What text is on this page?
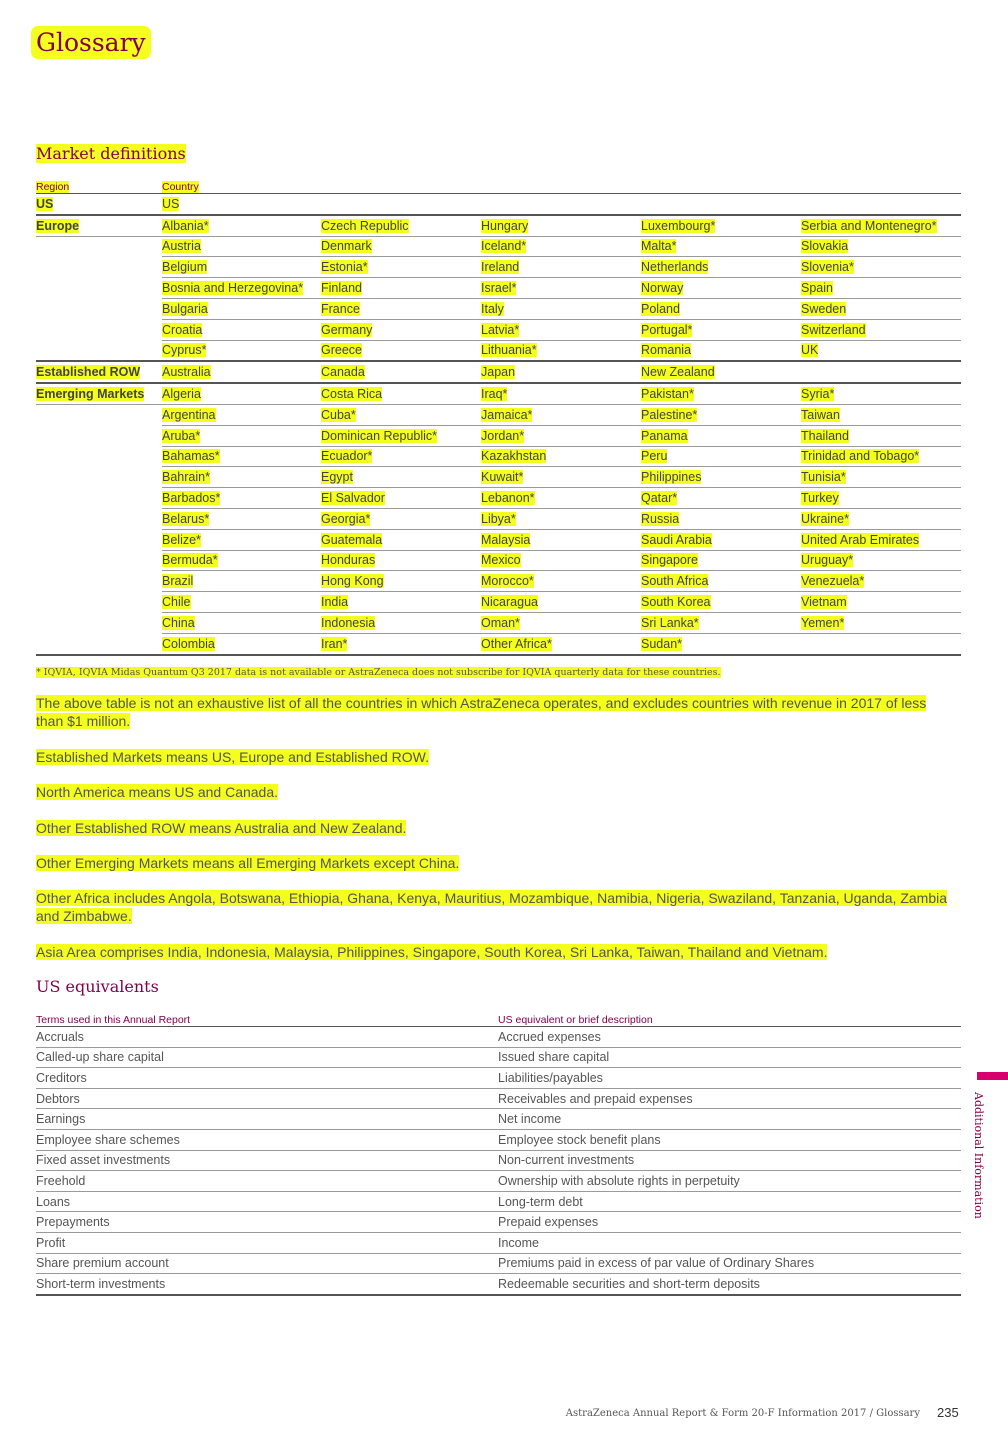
Glossary
Market definitions
Region	Country				
US	US				
Europe	Albania*	Czech Republic	Hungary	Luxembourg*	Serbia and Montenegro*
	Austria	Denmark	Iceland*	Malta*	Slovakia
	Belgium	Estonia*	Ireland	Netherlands	Slovenia*
	Bosnia and Herzegovina*	Finland	Israel*	Norway	Spain
	Bulgaria	France	Italy	Poland	Sweden
	Croatia	Germany	Latvia*	Portugal*	Switzerland
	Cyprus*	Greece	Lithuania*	Romania	UK
Established ROW	Australia	Canada	Japan	New Zealand	
Emerging Markets	Algeria	Costa Rica	Iraq*	Pakistan*	Syria*
	Argentina	Cuba*	Jamaica*	Palestine*	Taiwan
	Aruba*	Dominican Republic*	Jordan*	Panama	Thailand
	Bahamas*	Ecuador*	Kazakhstan	Peru	Trinidad and Tobago*
	Bahrain*	Egypt	Kuwait*	Philippines	Tunisia*
	Barbados*	El Salvador	Lebanon*	Qatar*	Turkey
	Belarus*	Georgia*	Libya*	Russia	Ukraine*
	Belize*	Guatemala	Malaysia	Saudi Arabia	United Arab Emirates
	Bermuda*	Honduras	Mexico	Singapore	Uruguay*
	Brazil	Hong Kong	Morocco*	South Africa	Venezuela*
	Chile	India	Nicaragua	South Korea	Vietnam
	China	Indonesia	Oman*	Sri Lanka*	Yemen*
	Colombia	Iran*	Other Africa*	Sudan*	
* IQVIA, IQVIA Midas Quantum Q3 2017 data is not available or AstraZeneca does not subscribe for IQVIA quarterly data for these countries.
The above table is not an exhaustive list of all the countries in which AstraZeneca operates, and excludes countries with revenue in 2017 of less than $1 million.
Established Markets means US, Europe and Established ROW.
North America means US and Canada.
Other Established ROW means Australia and New Zealand.
Other Emerging Markets means all Emerging Markets except China.
Other Africa includes Angola, Botswana, Ethiopia, Ghana, Kenya, Mauritius, Mozambique, Namibia, Nigeria, Swaziland, Tanzania, Uganda, Zambia and Zimbabwe.
Asia Area comprises India, Indonesia, Malaysia, Philippines, Singapore, South Korea, Sri Lanka, Taiwan, Thailand and Vietnam.
US equivalents
Terms used in this Annual Report	US equivalent or brief description
Accruals	Accrued expenses
Called-up share capital	Issued share capital
Creditors	Liabilities/payables
Debtors	Receivables and prepaid expenses
Earnings	Net income
Employee share schemes	Employee stock benefit plans
Fixed asset investments	Non-current investments
Freehold	Ownership with absolute rights in perpetuity
Loans	Long-term debt
Prepayments	Prepaid expenses
Profit	Income
Share premium account	Premiums paid in excess of par value of Ordinary Shares
Short-term investments	Redeemable securities and short-term deposits
Additional Information
AstraZeneca Annual Report & Form 20-F Information 2017 / Glossary 235
